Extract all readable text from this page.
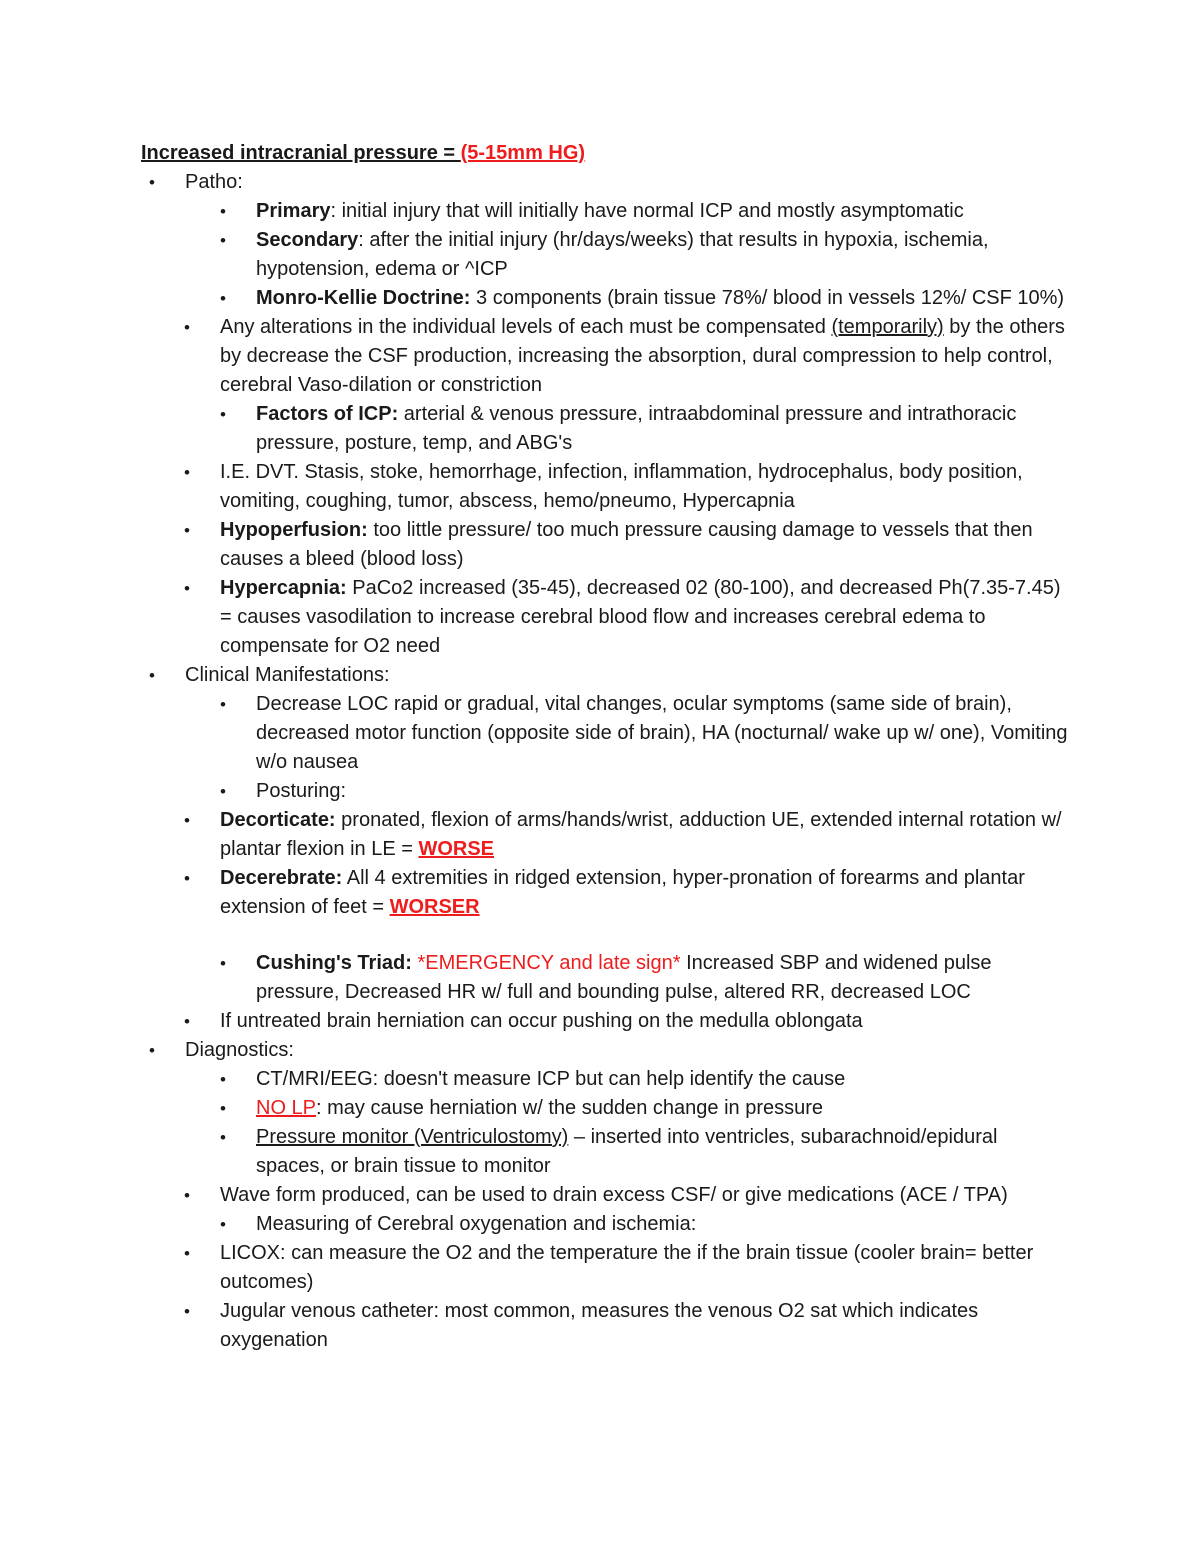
Increased intracranial pressure = (5-15mm HG)
• Patho:
• Primary: initial injury that will initially have normal ICP and mostly asymptomatic
• Secondary: after the initial injury (hr/days/weeks) that results in hypoxia, ischemia, hypotension, edema or ^ICP
• Monro-Kellie Doctrine: 3 components (brain tissue 78%/ blood in vessels 12%/ CSF 10%)
• Any alterations in the individual levels of each must be compensated (temporarily) by the others by decrease the CSF production, increasing the absorption, dural compression to help control, cerebral Vaso-dilation or constriction
• Factors of ICP: arterial & venous pressure, intraabdominal pressure and intrathoracic pressure, posture, temp, and ABG's
• I.E. DVT. Stasis, stoke, hemorrhage, infection, inflammation, hydrocephalus, body position, vomiting, coughing, tumor, abscess, hemo/pneumo, Hypercapnia
• Hypoperfusion: too little pressure/ too much pressure causing damage to vessels that then causes a bleed (blood loss)
• Hypercapnia: PaCo2 increased (35-45), decreased 02 (80-100), and decreased Ph(7.35-7.45) = causes vasodilation to increase cerebral blood flow and increases cerebral edema to compensate for O2 need
• Clinical Manifestations:
• Decrease LOC rapid or gradual, vital changes, ocular symptoms (same side of brain), decreased motor function (opposite side of brain), HA (nocturnal/ wake up w/ one), Vomiting w/o nausea
• Posturing:
• Decorticate: pronated, flexion of arms/hands/wrist, adduction UE, extended internal rotation w/ plantar flexion in LE = WORSE
• Decerebrate: All 4 extremities in ridged extension, hyper-pronation of forearms and plantar extension of feet = WORSER
• Cushing's Triad: *EMERGENCY and late sign* Increased SBP and widened pulse pressure, Decreased HR w/ full and bounding pulse, altered RR, decreased LOC
• If untreated brain herniation can occur pushing on the medulla oblongata
• Diagnostics:
• CT/MRI/EEG: doesn't measure ICP but can help identify the cause
• NO LP: may cause herniation w/ the sudden change in pressure
• Pressure monitor (Ventriculostomy) – inserted into ventricles, subarachnoid/epidural spaces, or brain tissue to monitor
• Wave form produced, can be used to drain excess CSF/ or give medications (ACE / TPA)
• Measuring of Cerebral oxygenation and ischemia:
• LICOX: can measure the O2 and the temperature the if the brain tissue (cooler brain= better outcomes)
• Jugular venous catheter: most common, measures the venous O2 sat which indicates oxygenation
